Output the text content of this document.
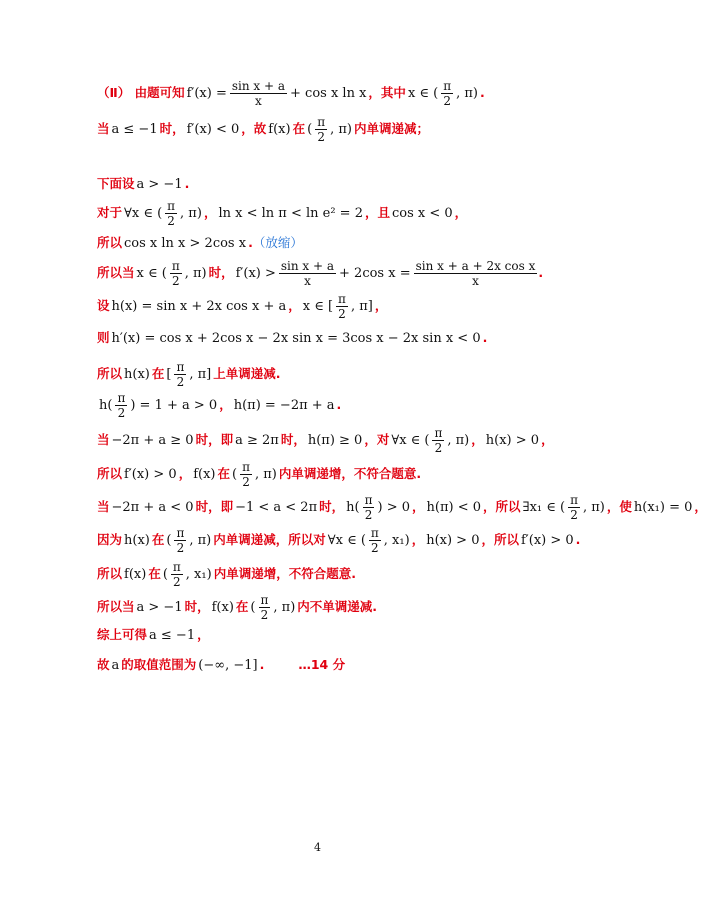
（Ⅱ） 由题可知 $f'(x) = \frac{\text{sin x + a}}{x} + \cos x$ ln x ，其中 x ∈ ( $\frac{\pi}{2}$ , π) .
当 a ≤ −1 时， f′(x) < 0 ，故 f(x) 在 ( $\frac{\pi}{2}$ , π) 内单调递减；
下面设 a > −1 .
对于 ∀x ∈ ( $\frac{\pi}{2}$ , π) ， ln x < ln π < ln e² = 2 ，且 cos x < 0 ，
所以 cos x ln x > 2cos x . （放缩）
所以当 x ∈ ( $\frac{\pi}{2}$ , π) 时， $f'(x) > \frac{\text{sin x + a}}{x} + 2\cos$ $x = \frac{\text{sin x + a + 2x cos x}}{x}$ .
设 h(x) = sin x + 2x cos x + a ， x ∈ [ $\frac{\pi}{2}$ , π] ，
则 h′(x) = cos x + 2cos x − 2x sin x = 3cos x − 2x sin x < 0 .
所以 h(x) 在 [ $\frac{\pi}{2}$ , π] 上单调递减.
$h( \frac{\pi}{2}$ ) = 1 + a > 0 ， h(π) = −2π + a .
当 −2π + a ≥ 0 时，即 a ≥ 2π 时， h(π) ≥ 0 ，对 ∀x ∈ ( $\frac{\pi}{2}$ , π) ， h(x) > 0 ，
所以 f′(x) > 0 ， f(x) 在 ( $\frac{\pi}{2}$ , π) 内单调递增，不符合题意.
当 −2π + a < 0 时，即 −1 < a < 2π 时， $h( \frac{\pi}{2}$ ) > 0 ， h(π) < 0 ，所以 ∃x₁ ∈ ( $\frac{\pi}{2}$ , π) ，使 h(x₁) = 0 ，
因为 h(x) 在 ( $\frac{\pi}{2}$ , π) 内单调递减，所以对 ∀x ∈ ( $\frac{\pi}{2}$ , x₁) ， h(x) > 0 ，所以 f′(x) > 0 .
所以 f(x) 在 ( $\frac{\pi}{2}$ , x₁) 内单调递增，不符合题意.
所以当 a > −1 时， f(x) 在 ( $\frac{\pi}{2}$ , π) 内不单调递减.
综上可得 a ≤ −1 ，
故 a 的取值范围为 (−∞, −1] .	…14 分
4
